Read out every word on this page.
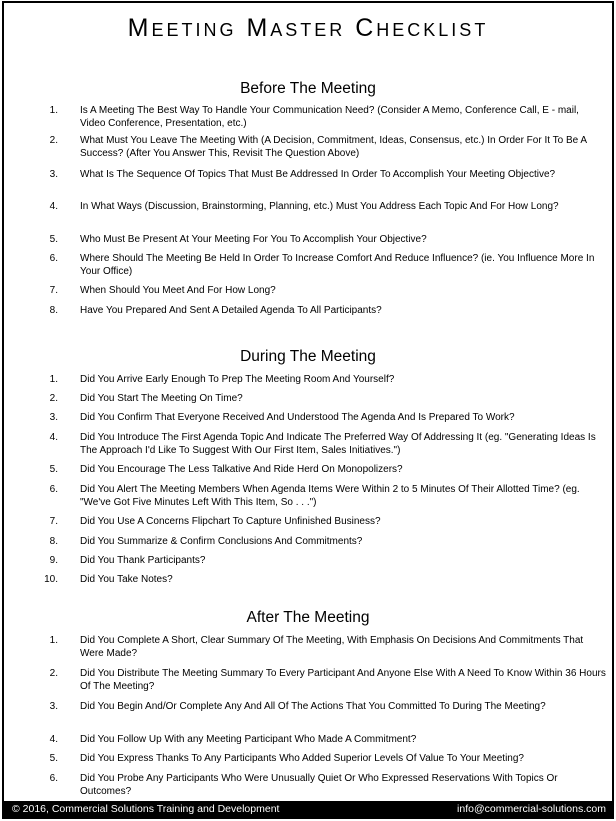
Meeting Master Checklist
Before The Meeting
1. Is A Meeting The Best Way To Handle Your Communication Need? (Consider A Memo, Conference Call, E - mail, Video Conference, Presentation, etc.)
2. What Must You Leave The Meeting With (A Decision, Commitment, Ideas, Consensus, etc.) In Order For It To Be A Success? (After You Answer This, Revisit The Question Above)
3. What Is The Sequence Of Topics That Must Be Addressed In Order To Accomplish Your Meeting Objective?
4. In What Ways (Discussion, Brainstorming, Planning, etc.) Must You Address Each Topic And For How Long?
5. Who Must Be Present At Your Meeting For You To Accomplish Your Objective?
6. Where Should The Meeting Be Held In Order To Increase Comfort And Reduce Influence? (ie. You Influence More In Your Office)
7. When Should You Meet And For How Long?
8. Have You Prepared And Sent A Detailed Agenda To All Participants?
During The Meeting
1. Did You Arrive Early Enough To Prep The Meeting Room And Yourself?
2. Did You Start The Meeting On Time?
3. Did You Confirm That Everyone Received And Understood The Agenda And Is Prepared To Work?
4. Did You Introduce The First Agenda Topic And Indicate The Preferred Way Of Addressing It (eg. "Generating Ideas Is The Approach I'd Like To Suggest With Our First Item, Sales Initiatives.")
5. Did You Encourage The Less Talkative And Ride Herd On Monopolizers?
6. Did You Alert The Meeting Members When Agenda Items Were Within 2 to 5 Minutes Of Their Allotted Time? (eg. "We've Got Five Minutes Left With This Item, So . . .")
7. Did You Use A Concerns Flipchart To Capture Unfinished Business?
8. Did You Summarize & Confirm Conclusions And Commitments?
9. Did You Thank Participants?
10. Did You Take Notes?
After The Meeting
1. Did You Complete A Short, Clear Summary Of The Meeting, With Emphasis On Decisions And Commitments That Were Made?
2. Did You Distribute The Meeting Summary To Every Participant And Anyone Else With A Need To Know Within 36 Hours Of The Meeting?
3. Did You Begin And/Or Complete Any And All Of The Actions That You Committed To During The Meeting?
4. Did You Follow Up With any Meeting Participant Who Made A Commitment?
5. Did You Express Thanks To Any Participants Who Added Superior Levels Of Value To Your Meeting?
6. Did You Probe Any Participants Who Were Unusually Quiet Or Who Expressed Reservations With Topics Or Outcomes?
© 2016, Commercial Solutions Training and Development	info@commercial-solutions.com
